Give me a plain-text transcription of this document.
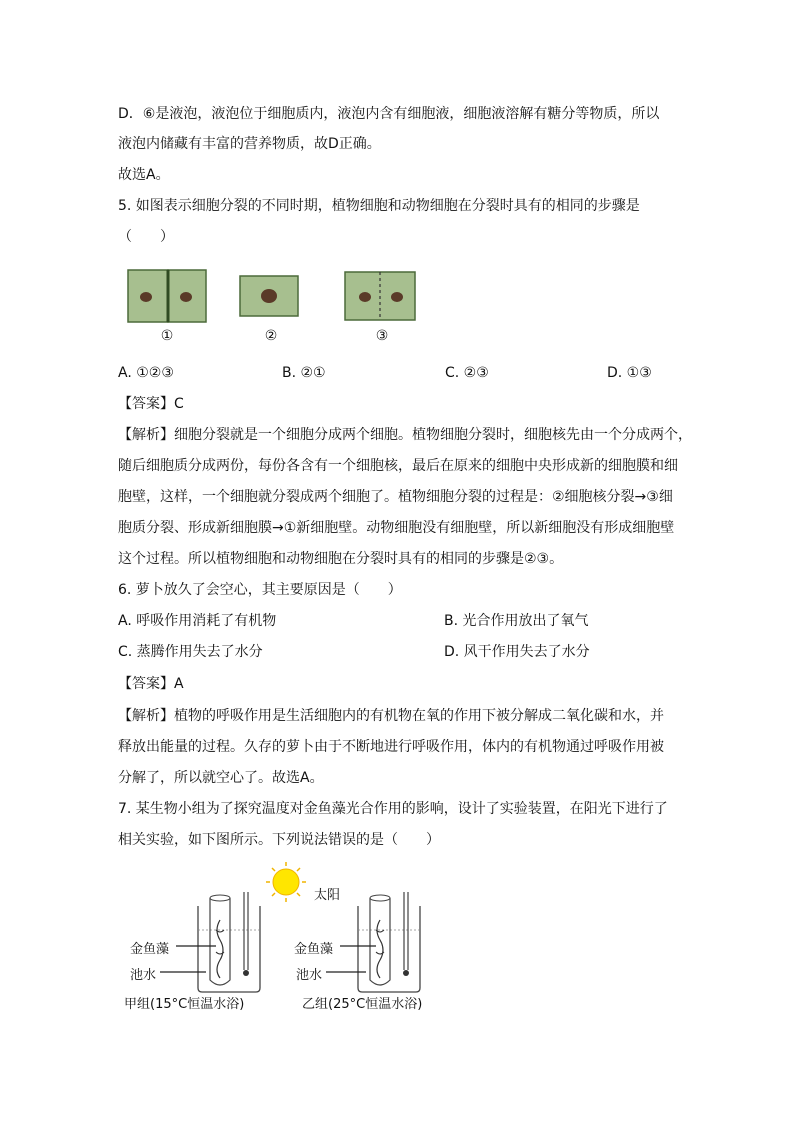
D．⑥是液泡，液泡位于细胞质内，液泡内含有细胞液，细胞液溶解有糖分等物质，所以
液泡内储藏有丰富的营养物质，故D正确。
故选A。
5. 如图表示细胞分裂的不同时期，植物细胞和动物细胞在分裂时具有的相同的步骤是
（　　）
①	②	③
A. ①②③	B. ②①	C. ②③	D. ①③
【答案】C
【解析】细胞分裂就是一个细胞分成两个细胞。植物细胞分裂时，细胞核先由一个分成两个，
随后细胞质分成两份，每份各含有一个细胞核，最后在原来的细胞中央形成新的细胞膜和细
胞壁，这样，一个细胞就分裂成两个细胞了。植物细胞分裂的过程是：②细胞核分裂→③细
胞质分裂、形成新细胞膜→①新细胞壁。动物细胞没有细胞壁，所以新细胞没有形成细胞壁
这个过程。所以植物细胞和动物细胞在分裂时具有的相同的步骤是②③。
6. 萝卜放久了会空心，其主要原因是（　　）
A. 呼吸作用消耗了有机物	B. 光合作用放出了氧气
C. 蒸腾作用失去了水分	D. 风干作用失去了水分
【答案】A
【解析】植物的呼吸作用是生活细胞内的有机物在氧的作用下被分解成二氧化碳和水，并
释放出能量的过程。久存的萝卜由于不断地进行呼吸作用，体内的有机物通过呼吸作用被
分解了，所以就空心了。故选A。
7. 某生物小组为了探究温度对金鱼藻光合作用的影响，设计了实验装置，在阳光下进行了
相关实验，如下图所示。下列说法错误的是（　　）
太阳
金鱼藻
池水
金鱼藻
池水
甲组(15°C恒温水浴)	乙组(25°C恒温水浴)
